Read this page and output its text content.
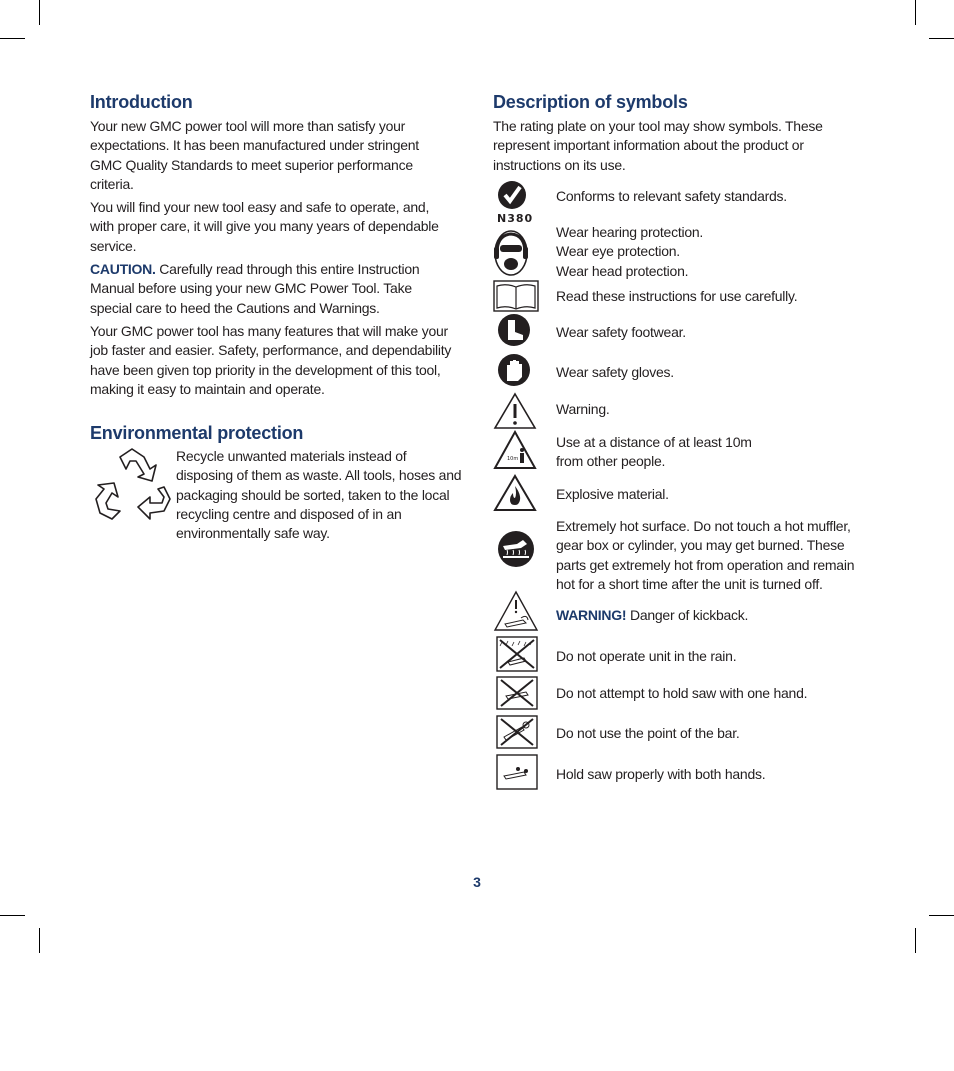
Introduction

Your new GMC power tool will more than satisfy your expectations. It has been manufactured under stringent GMC Quality Standards to meet superior performance criteria.

You will find your new tool easy and safe to operate, and, with proper care, it will give you many years of dependable service.

CAUTION. Carefully read through this entire Instruction Manual before using your new GMC Power Tool. Take special care to heed the Cautions and Warnings.

Your GMC power tool has many features that will make your job faster and easier. Safety, performance, and dependability have been given top priority in the development of this tool, making it easy to maintain and operate.

Environmental protection

Recycle unwanted materials instead of disposing of them as waste. All tools, hoses and packaging should be sorted, taken to the local recycling centre and disposed of in an environmentally safe way.

Description of symbols

The rating plate on your tool may show symbols. These represent important information about the product or instructions on its use.

N380
Conforms to relevant safety standards.
Wear hearing protection.
Wear eye protection.
Wear head protection.
Read these instructions for use carefully.
Wear safety footwear.
Wear safety gloves.
Warning.
10m
Use at a distance of at least 10m
from other people.
Explosive material.
Extremely hot surface. Do not touch a hot muffler, gear box or cylinder, you may get burned. These parts get extremely hot from operation and remain hot for a short time after the unit is turned off.
WARNING! Danger of kickback.
Do not operate unit in the rain.
Do not attempt to hold saw with one hand.
Do not use the point of the bar.
Hold saw properly with both hands.
3
